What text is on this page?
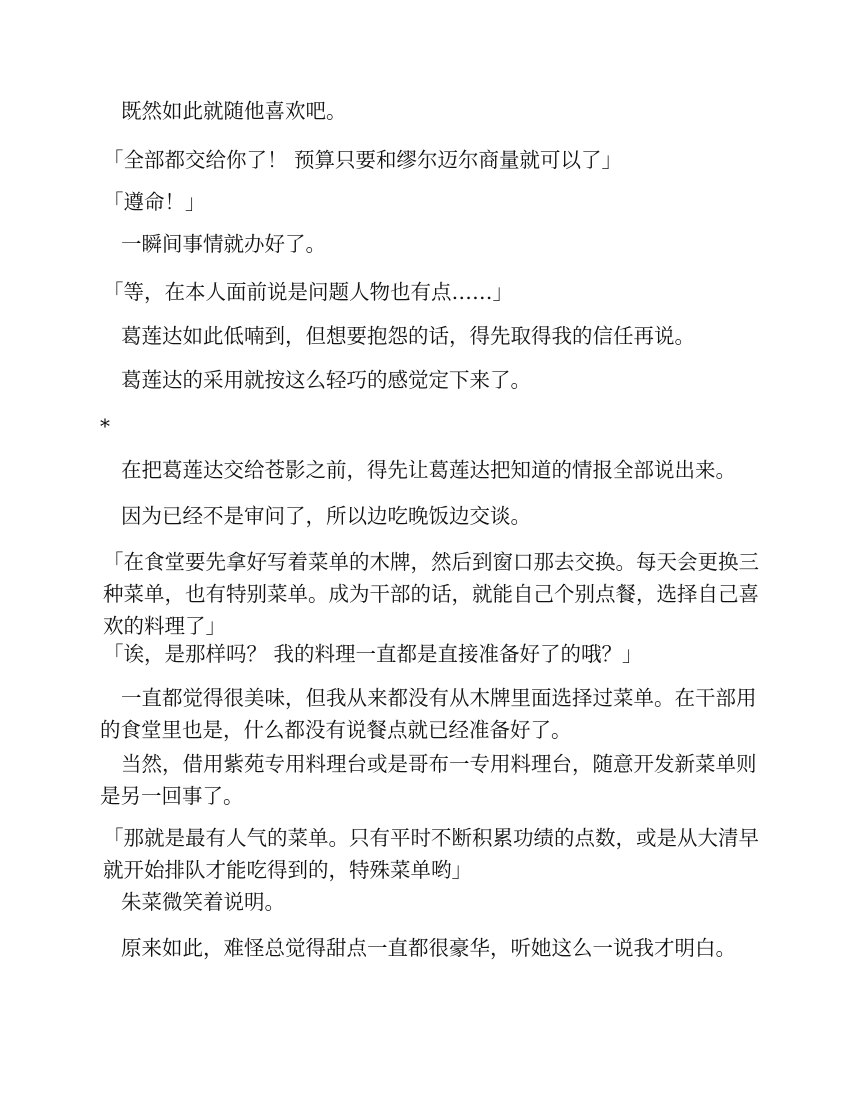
既然如此就随他喜欢吧。

「全部都交给你了！ 预算只要和缪尔迈尔商量就可以了」

「遵命！」

一瞬间事情就办好了。

「等，在本人面前说是问题人物也有点……」

葛莲达如此低喃到，但想要抱怨的话，得先取得我的信任再说。

葛莲达的采用就按这么轻巧的感觉定下来了。

*

在把葛莲达交给苍影之前，得先让葛莲达把知道的情报全部说出来。

因为已经不是审问了，所以边吃晚饭边交谈。

「在食堂要先拿好写着菜单的木牌，然后到窗口那去交换。每天会更换三种菜单，也有特别菜单。成为干部的话，就能自己个别点餐，选择自己喜欢的料理了」

「诶，是那样吗？ 我的料理一直都是直接准备好了的哦？」

一直都觉得很美味，但我从来都没有从木牌里面选择过菜单。在干部用的食堂里也是，什么都没有说餐点就已经准备好了。

当然，借用紫苑专用料理台或是哥布一专用料理台，随意开发新菜单则是另一回事了。

「那就是最有人气的菜单。只有平时不断积累功绩的点数，或是从大清早就开始排队才能吃得到的，特殊菜单哟」

朱菜微笑着说明。

原来如此，难怪总觉得甜点一直都很豪华，听她这么一说我才明白。
